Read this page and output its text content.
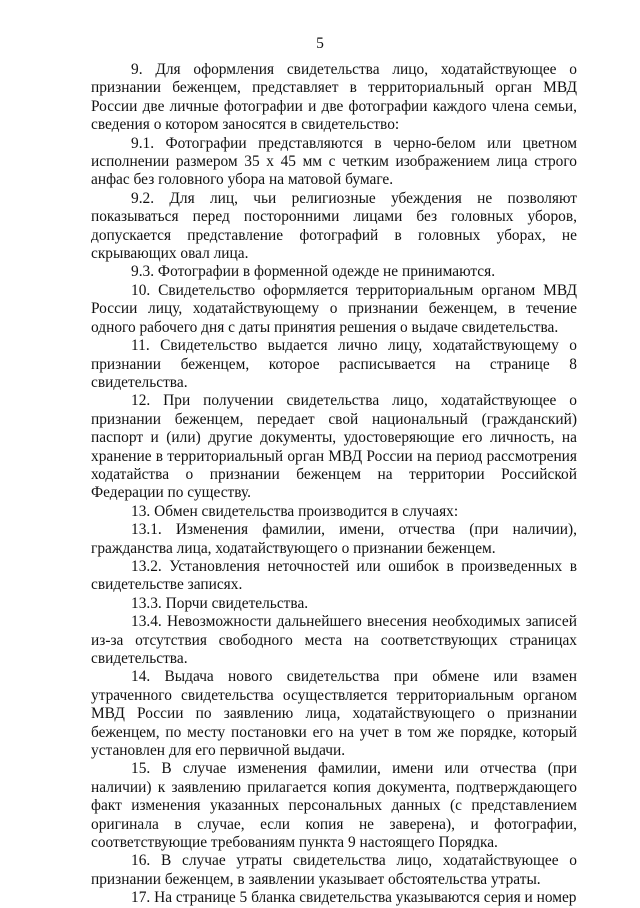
5

9. Для оформления свидетельства лицо, ходатайствующее о признании беженцем, представляет в территориальный орган МВД России две личные фотографии и две фотографии каждого члена семьи, сведения о котором заносятся в свидетельство:

9.1. Фотографии представляются в черно-белом или цветном исполнении размером 35 x 45 мм с четким изображением лица строго анфас без головного убора на матовой бумаге.

9.2. Для лиц, чьи религиозные убеждения не позволяют показываться перед посторонними лицами без головных уборов, допускается представление фотографий в головных уборах, не скрывающих овал лица.

9.3. Фотографии в форменной одежде не принимаются.

10. Свидетельство оформляется территориальным органом МВД России лицу, ходатайствующему о признании беженцем, в течение одного рабочего дня с даты принятия решения о выдаче свидетельства.

11. Свидетельство выдается лично лицу, ходатайствующему о признании беженцем, которое расписывается на странице 8 свидетельства.

12. При получении свидетельства лицо, ходатайствующее о признании беженцем, передает свой национальный (гражданский) паспорт и (или) другие документы, удостоверяющие его личность, на хранение в территориальный орган МВД России на период рассмотрения ходатайства о признании беженцем на территории Российской Федерации по существу.

13. Обмен свидетельства производится в случаях:

13.1. Изменения фамилии, имени, отчества (при наличии), гражданства лица, ходатайствующего о признании беженцем.

13.2. Установления неточностей или ошибок в произведенных в свидетельстве записях.

13.3. Порчи свидетельства.

13.4. Невозможности дальнейшего внесения необходимых записей из-за отсутствия свободного места на соответствующих страницах свидетельства.

14. Выдача нового свидетельства при обмене или взамен утраченного свидетельства осуществляется территориальным органом МВД России по заявлению лица, ходатайствующего о признании беженцем, по месту постановки его на учет в том же порядке, который установлен для его первичной выдачи.

15. В случае изменения фамилии, имени или отчества (при наличии) к заявлению прилагается копия документа, подтверждающего факт изменения указанных персональных данных (с представлением оригинала в случае, если копия не заверена), и фотографии, соответствующие требованиям пункта 9 настоящего Порядка.

16. В случае утраты свидетельства лицо, ходатайствующее о признании беженцем, в заявлении указывает обстоятельства утраты.

17. На странице 5 бланка свидетельства указываются серия и номер
